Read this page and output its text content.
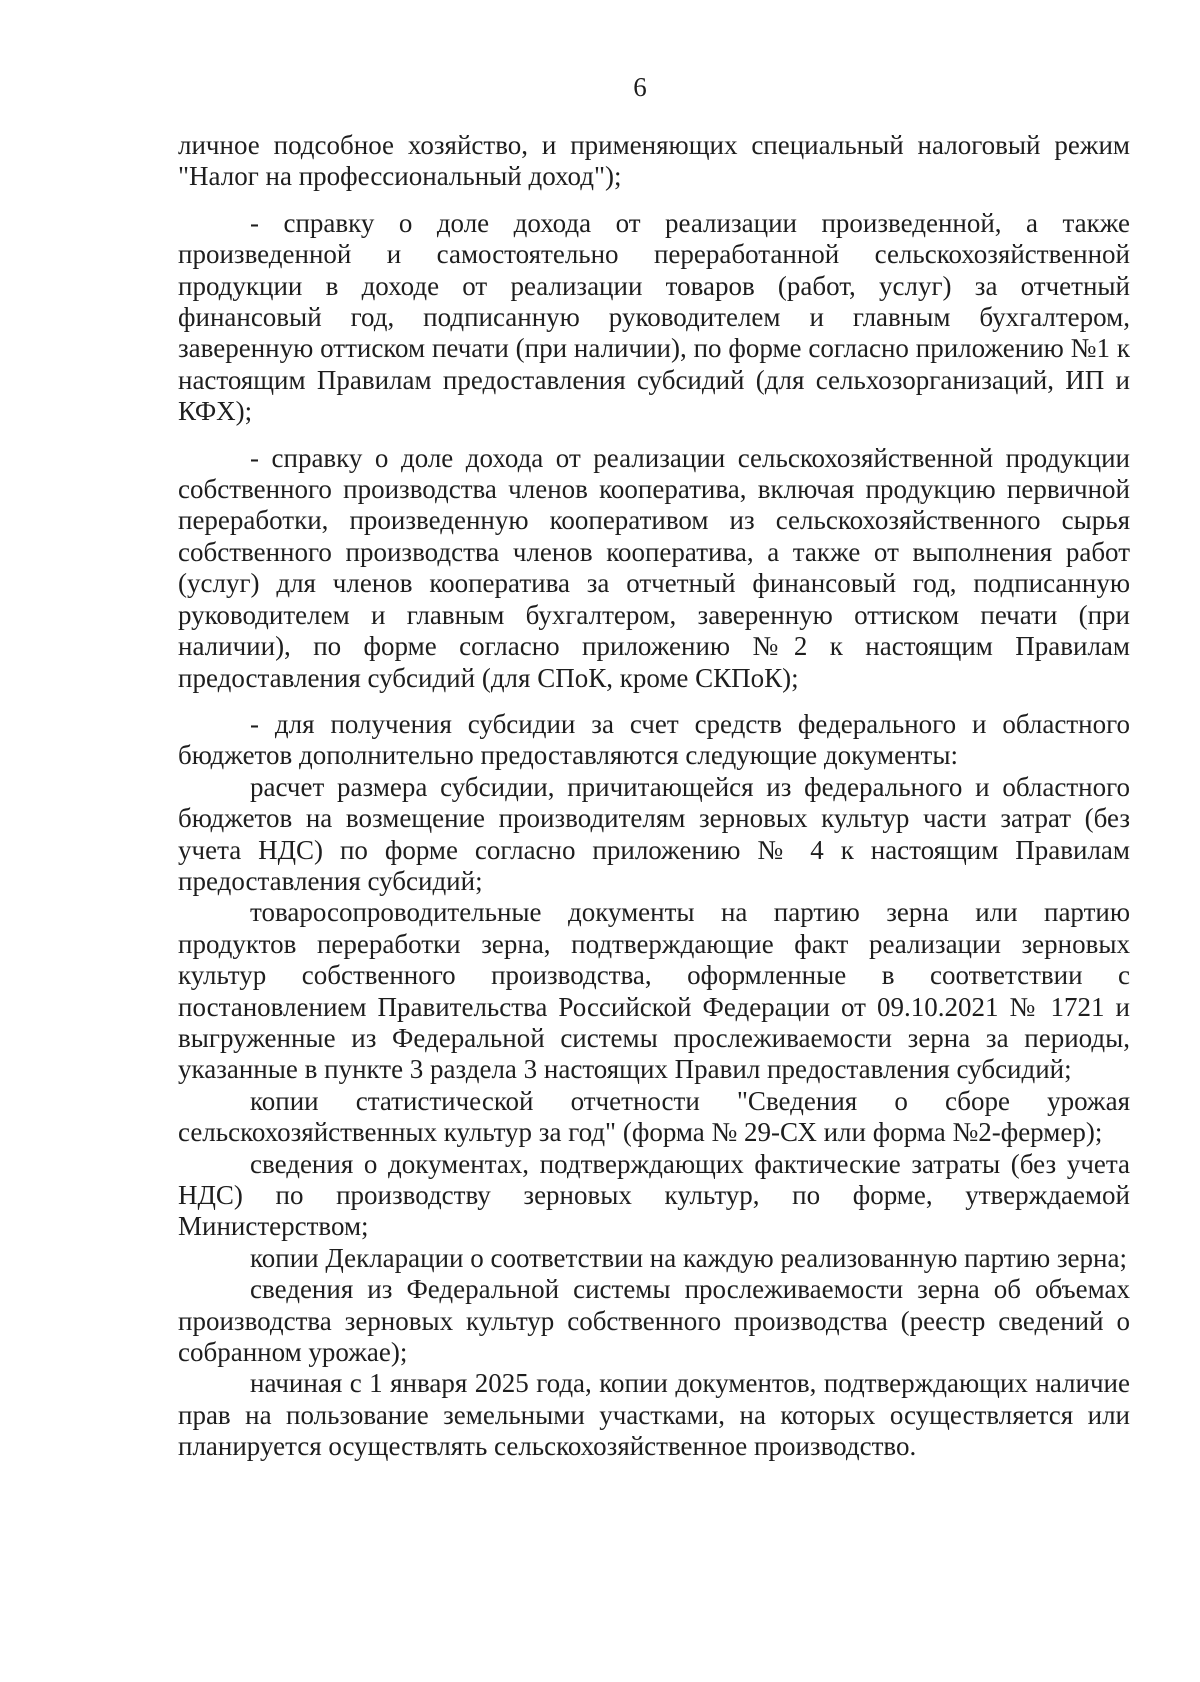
6

личное подсобное хозяйство, и применяющих специальный налоговый режим "Налог на профессиональный доход");

- справку о доле дохода от реализации произведенной, а также произведенной и самостоятельно переработанной сельскохозяйственной продукции в доходе от реализации товаров (работ, услуг) за отчетный финансовый год, подписанную руководителем и главным бухгалтером, заверенную оттиском печати (при наличии), по форме согласно приложению №1 к настоящим Правилам предоставления субсидий (для сельхозорганизаций, ИП и КФХ);

- справку о доле дохода от реализации сельскохозяйственной продукции собственного производства членов кооператива, включая продукцию первичной переработки, произведенную кооперативом из сельскохозяйственного сырья собственного производства членов кооператива, а также от выполнения работ (услуг) для членов кооператива за отчетный финансовый год, подписанную руководителем и главным бухгалтером, заверенную оттиском печати (при наличии), по форме согласно приложению №2 к настоящим Правилам предоставления субсидий (для СПоК, кроме СКПоК);

- для получения субсидии за счет средств федерального и областного бюджетов дополнительно предоставляются следующие документы:

расчет размера субсидии, причитающейся из федерального и областного бюджетов на возмещение производителям зерновых культур части затрат (без учета НДС) по форме согласно приложению № 4 к настоящим Правилам предоставления субсидий;

товаросопроводительные документы на партию зерна или партию продуктов переработки зерна, подтверждающие факт реализации зерновых культур собственного производства, оформленные в соответствии с постановлением Правительства Российской Федерации от 09.10.2021 № 1721 и выгруженные из Федеральной системы прослеживаемости зерна за периоды, указанные в пункте 3 раздела 3 настоящих Правил предоставления субсидий;

копии статистической отчетности "Сведения о сборе урожая сельскохозяйственных культур за год" (форма № 29-СХ или форма №2-фермер);

сведения о документах, подтверждающих фактические затраты (без учета НДС) по производству зерновых культур, по форме, утверждаемой Министерством;

копии Декларации о соответствии на каждую реализованную партию зерна;

сведения из Федеральной системы прослеживаемости зерна об объемах производства зерновых культур собственного производства (реестр сведений о собранном урожае);

начиная с 1 января 2025 года, копии документов, подтверждающих наличие прав на пользование земельными участками, на которых осуществляется или планируется осуществлять сельскохозяйственное производство.
